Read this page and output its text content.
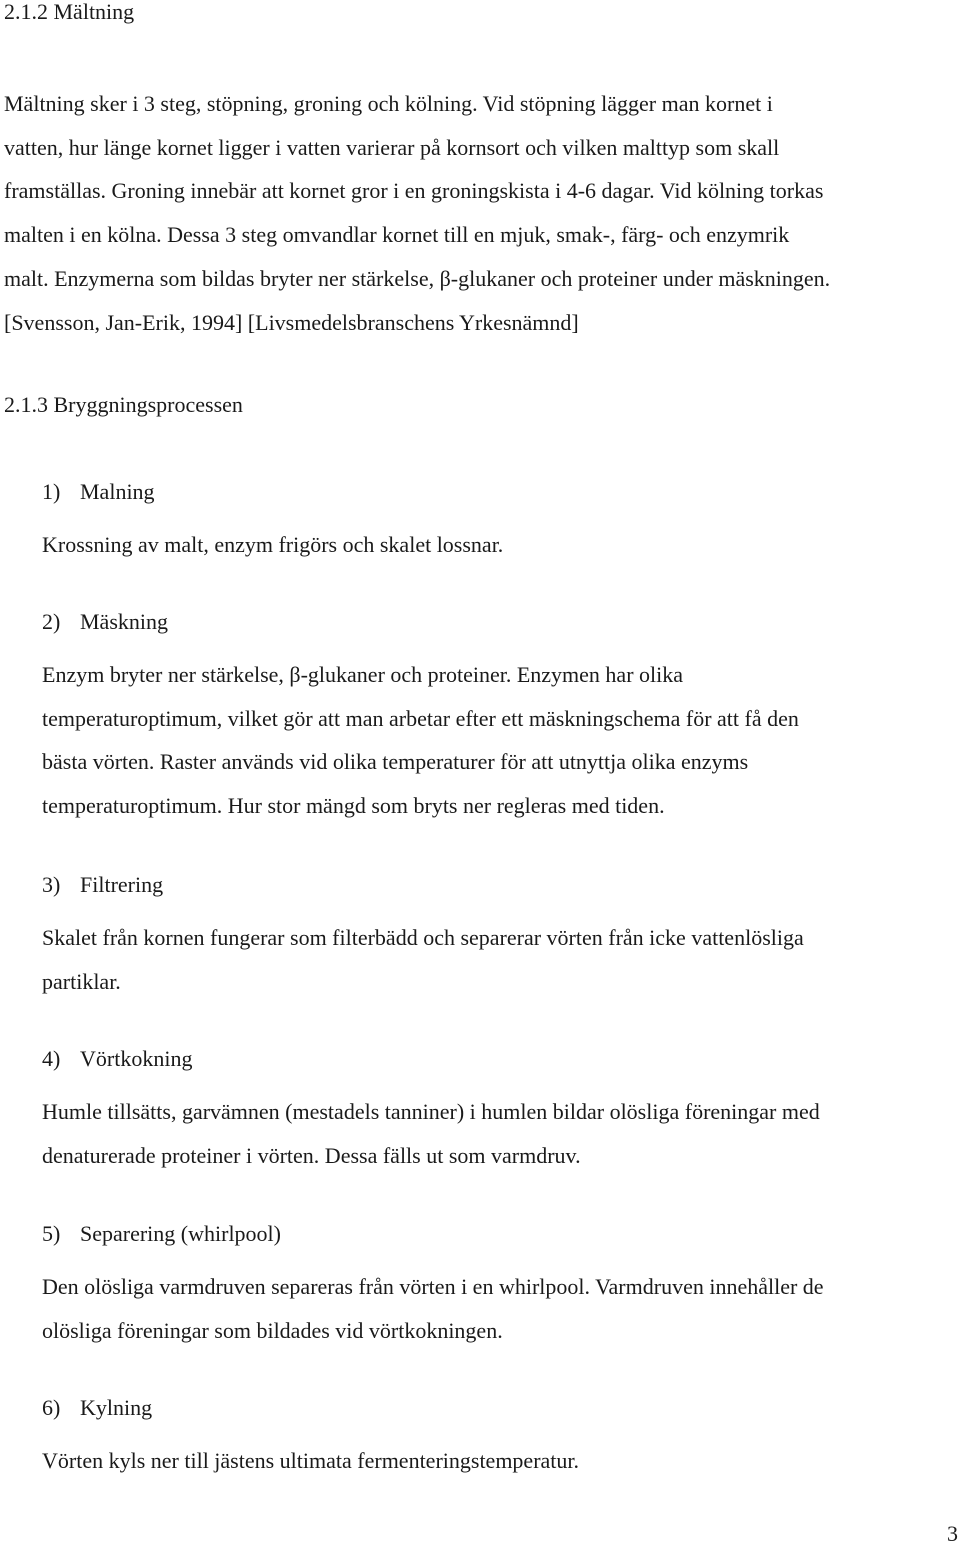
2.1.2 Mältning

Mältning sker i 3 steg, stöpning, groning och kölning. Vid stöpning lägger man kornet i
vatten, hur länge kornet ligger i vatten varierar på kornsort och vilken malttyp som skall
framställas. Groning innebär att kornet gror i en groningskista i 4-6 dagar. Vid kölning torkas
malten i en kölna. Dessa 3 steg omvandlar kornet till en mjuk, smak-, färg- och enzymrik
malt. Enzymerna som bildas bryter ner stärkelse, β-glukaner och proteiner under mäskningen.
[Svensson, Jan-Erik, 1994] [Livsmedelsbranschens Yrkesnämnd]

2.1.3 Bryggningsprocessen
1) Malning
Krossning av malt, enzym frigörs och skalet lossnar.
2) Mäskning
Enzym bryter ner stärkelse, β-glukaner och proteiner. Enzymen har olika
temperaturoptimum, vilket gör att man arbetar efter ett mäskningschema för att få den
bästa vörten. Raster används vid olika temperaturer för att utnyttja olika enzyms
temperaturoptimum. Hur stor mängd som bryts ner regleras med tiden.
3) Filtrering
Skalet från kornen fungerar som filterbädd och separerar vörten från icke vattenlösliga
partiklar.
4) Vörtkokning
Humle tillsätts, garvämnen (mestadels tanniner) i humlen bildar olösliga föreningar med
denaturerade proteiner i vörten. Dessa fälls ut som varmdruv.
5) Separering (whirlpool)
Den olösliga varmdruven separeras från vörten i en whirlpool. Varmdruven innehåller de
olösliga föreningar som bildades vid vörtkokningen.
6) Kylning
Vörten kyls ner till jästens ultimata fermenteringstemperatur.
3
